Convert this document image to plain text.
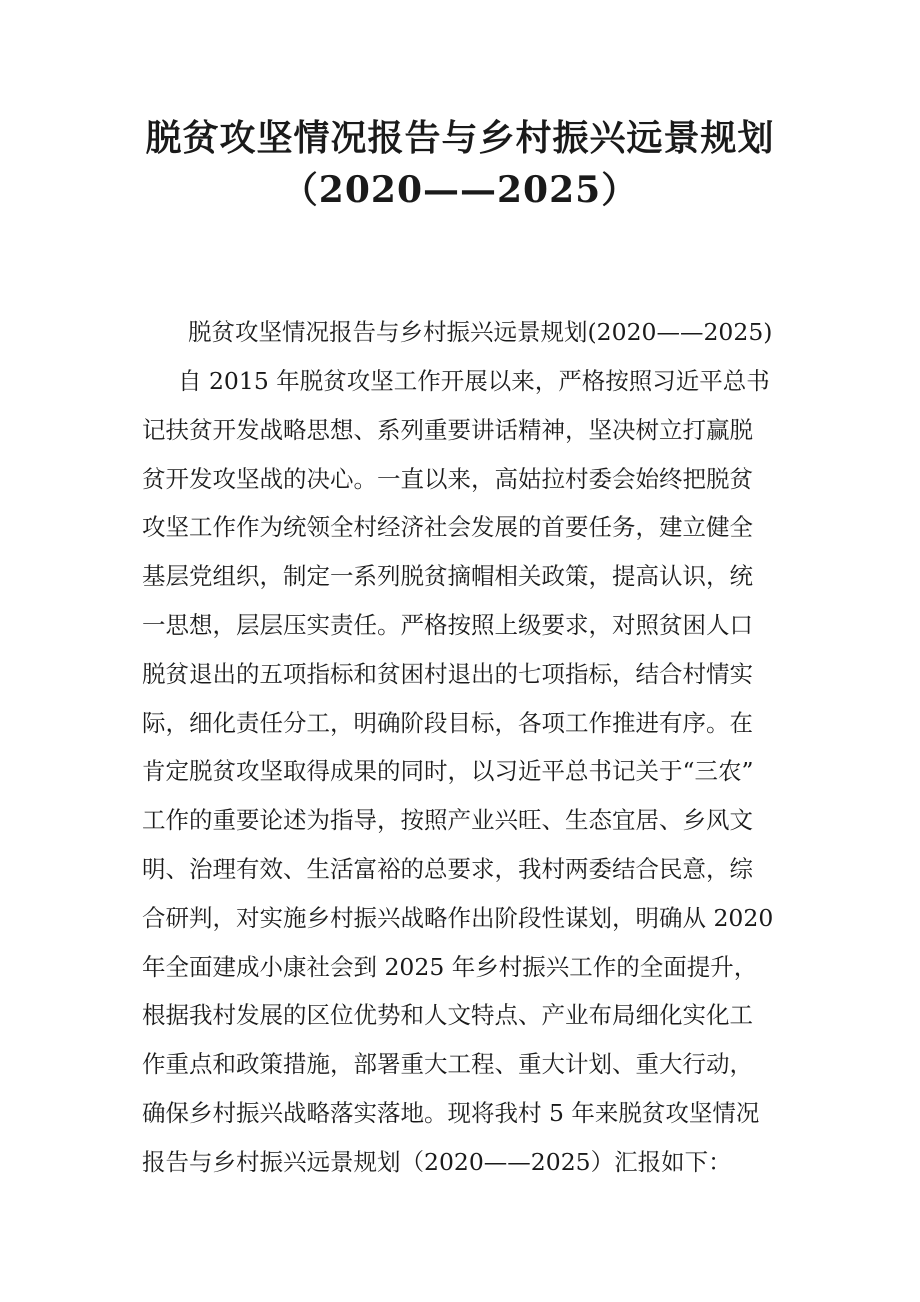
脱贫攻坚情况报告与乡村振兴远景规划
（2020——2025）
脱贫攻坚情况报告与乡村振兴远景规划(2020——2025)
自 2015 年脱贫攻坚工作开展以来，严格按照习近平总书
记扶贫开发战略思想、系列重要讲话精神，坚决树立打赢脱
贫开发攻坚战的决心。一直以来，高姑拉村委会始终把脱贫
攻坚工作作为统领全村经济社会发展的首要任务，建立健全
基层党组织，制定一系列脱贫摘帽相关政策，提高认识，统
一思想，层层压实责任。严格按照上级要求，对照贫困人口
脱贫退出的五项指标和贫困村退出的七项指标，结合村情实
际，细化责任分工，明确阶段目标，各项工作推进有序。在
肯定脱贫攻坚取得成果的同时，以习近平总书记关于“三农”
工作的重要论述为指导，按照产业兴旺、生态宜居、乡风文
明、治理有效、生活富裕的总要求，我村两委结合民意，综
合研判，对实施乡村振兴战略作出阶段性谋划，明确从 2020
年全面建成小康社会到 2025 年乡村振兴工作的全面提升，
根据我村发展的区位优势和人文特点、产业布局细化实化工
作重点和政策措施，部署重大工程、重大计划、重大行动，
确保乡村振兴战略落实落地。现将我村 5 年来脱贫攻坚情况
报告与乡村振兴远景规划（2020——2025）汇报如下：
